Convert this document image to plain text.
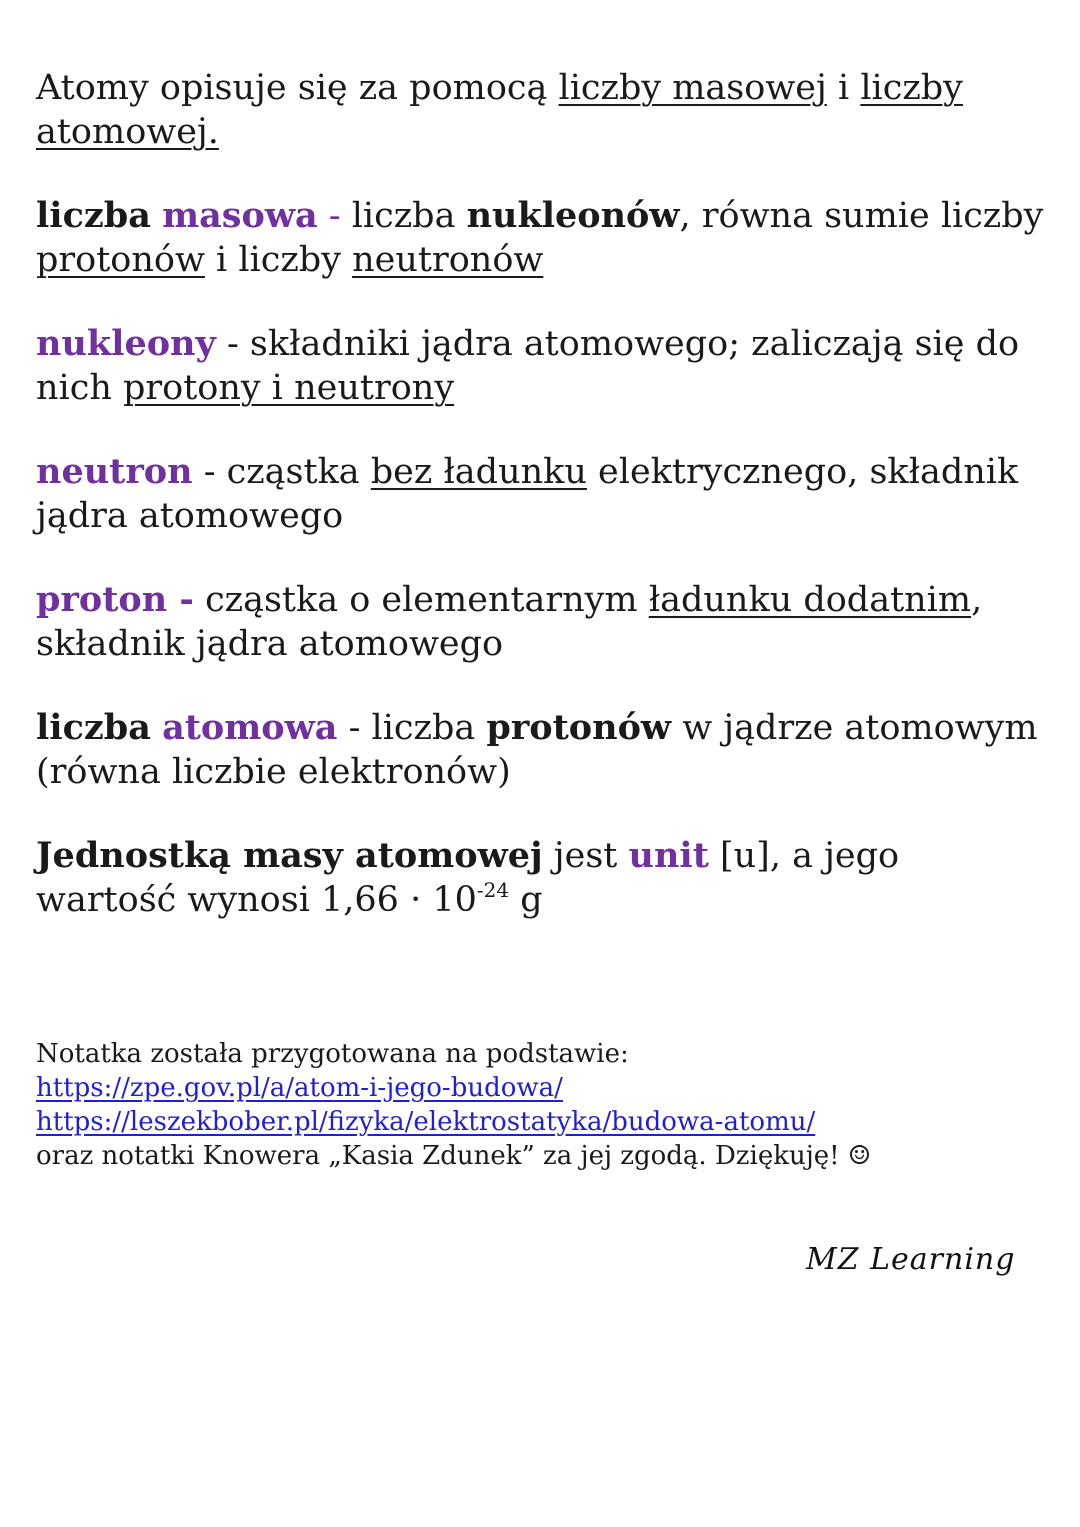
Atomy opisuje się za pomocą liczby masowej i liczby atomowej.

liczba masowa - liczba nukleonów, równa sumie liczby protonów i liczby neutronów

nukleony - składniki jądra atomowego; zaliczają się do nich protony i neutrony

neutron - cząstka bez ładunku elektrycznego, składnik jądra atomowego

proton - cząstka o elementarnym ładunku dodatnim, składnik jądra atomowego

liczba atomowa - liczba protonów w jądrze atomowym (równa liczbie elektronów)

Jednostką masy atomowej jest unit [u], a jego wartość wynosi $1,66 \cdot 10^{-24}$ g

Notatka została przygotowana na podstawie:
https://zpe.gov.pl/a/atom-i-jego-budowa/
https://leszekbober.pl/fizyka/elektrostatyka/budowa-atomu/
oraz notatki Knowera „Kasia Zdunek” za jej zgodą. Dziękuję! ☺
MZ Learning
